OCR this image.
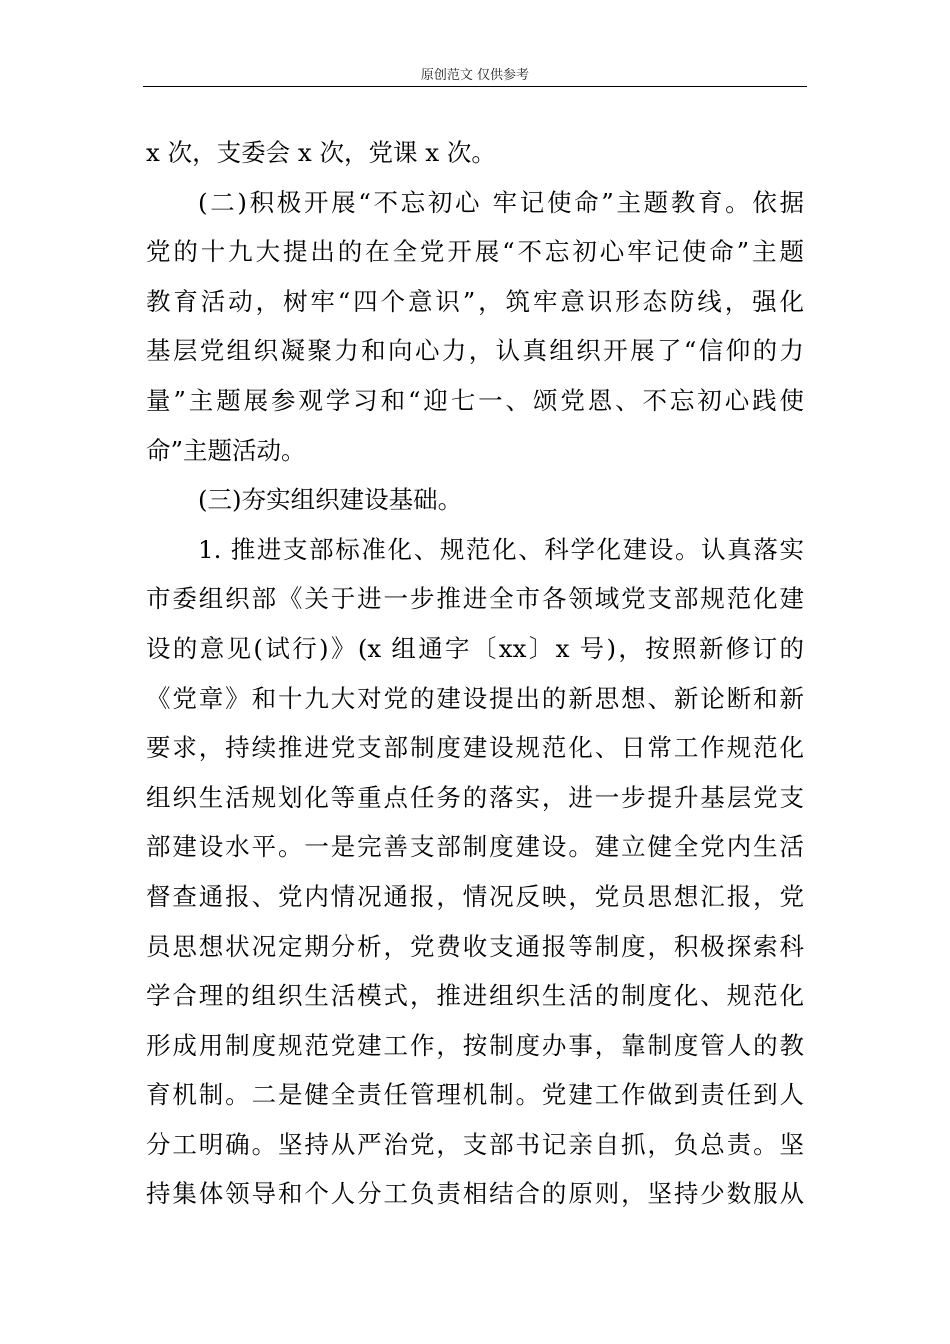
原创范文 仅供参考
x 次，支委会 x 次，党课 x 次。
(二)积极开展“不忘初心 牢记使命”主题教育。依据
党的十九大提出的在全党开展“不忘初心牢记使命”主题
教育活动，树牢“四个意识”，筑牢意识形态防线，强化
基层党组织凝聚力和向心力，认真组织开展了“信仰的力
量”主题展参观学习和“迎七一、颂党恩、不忘初心践使
命”主题活动。
(三)夯实组织建设基础。
1. 推进支部标准化、规范化、科学化建设。认真落实
市委组织部《关于进一步推进全市各领域党支部规范化建
设的意见(试行)》(x 组通字〔xx〕x 号)，按照新修订的
《党章》和十九大对党的建设提出的新思想、新论断和新
要求，持续推进党支部制度建设规范化、日常工作规范化
组织生活规划化等重点任务的落实，进一步提升基层党支
部建设水平。一是完善支部制度建设。建立健全党内生活
督查通报、党内情况通报，情况反映，党员思想汇报，党
员思想状况定期分析，党费收支通报等制度，积极探索科
学合理的组织生活模式，推进组织生活的制度化、规范化
形成用制度规范党建工作，按制度办事，靠制度管人的教
育机制。二是健全责任管理机制。党建工作做到责任到人
分工明确。坚持从严治党，支部书记亲自抓，负总责。坚
持集体领导和个人分工负责相结合的原则，坚持少数服从
